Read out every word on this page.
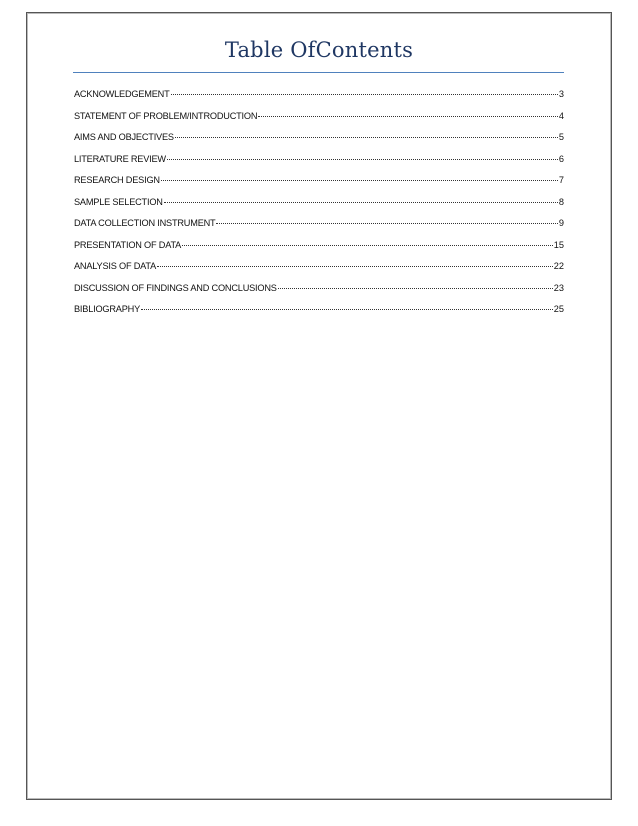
Table OfContents
ACKNOWLEDGEMENT	3
STATEMENT OF PROBLEM/INTRODUCTION	4
AIMS AND OBJECTIVES	5
LITERATURE REVIEW	6
RESEARCH DESIGN	7
SAMPLE SELECTION	8
DATA COLLECTION INSTRUMENT	9
PRESENTATION OF DATA	15
ANALYSIS OF DATA	22
DISCUSSION OF FINDINGS AND CONCLUSIONS	23
BIBLIOGRAPHY	25
